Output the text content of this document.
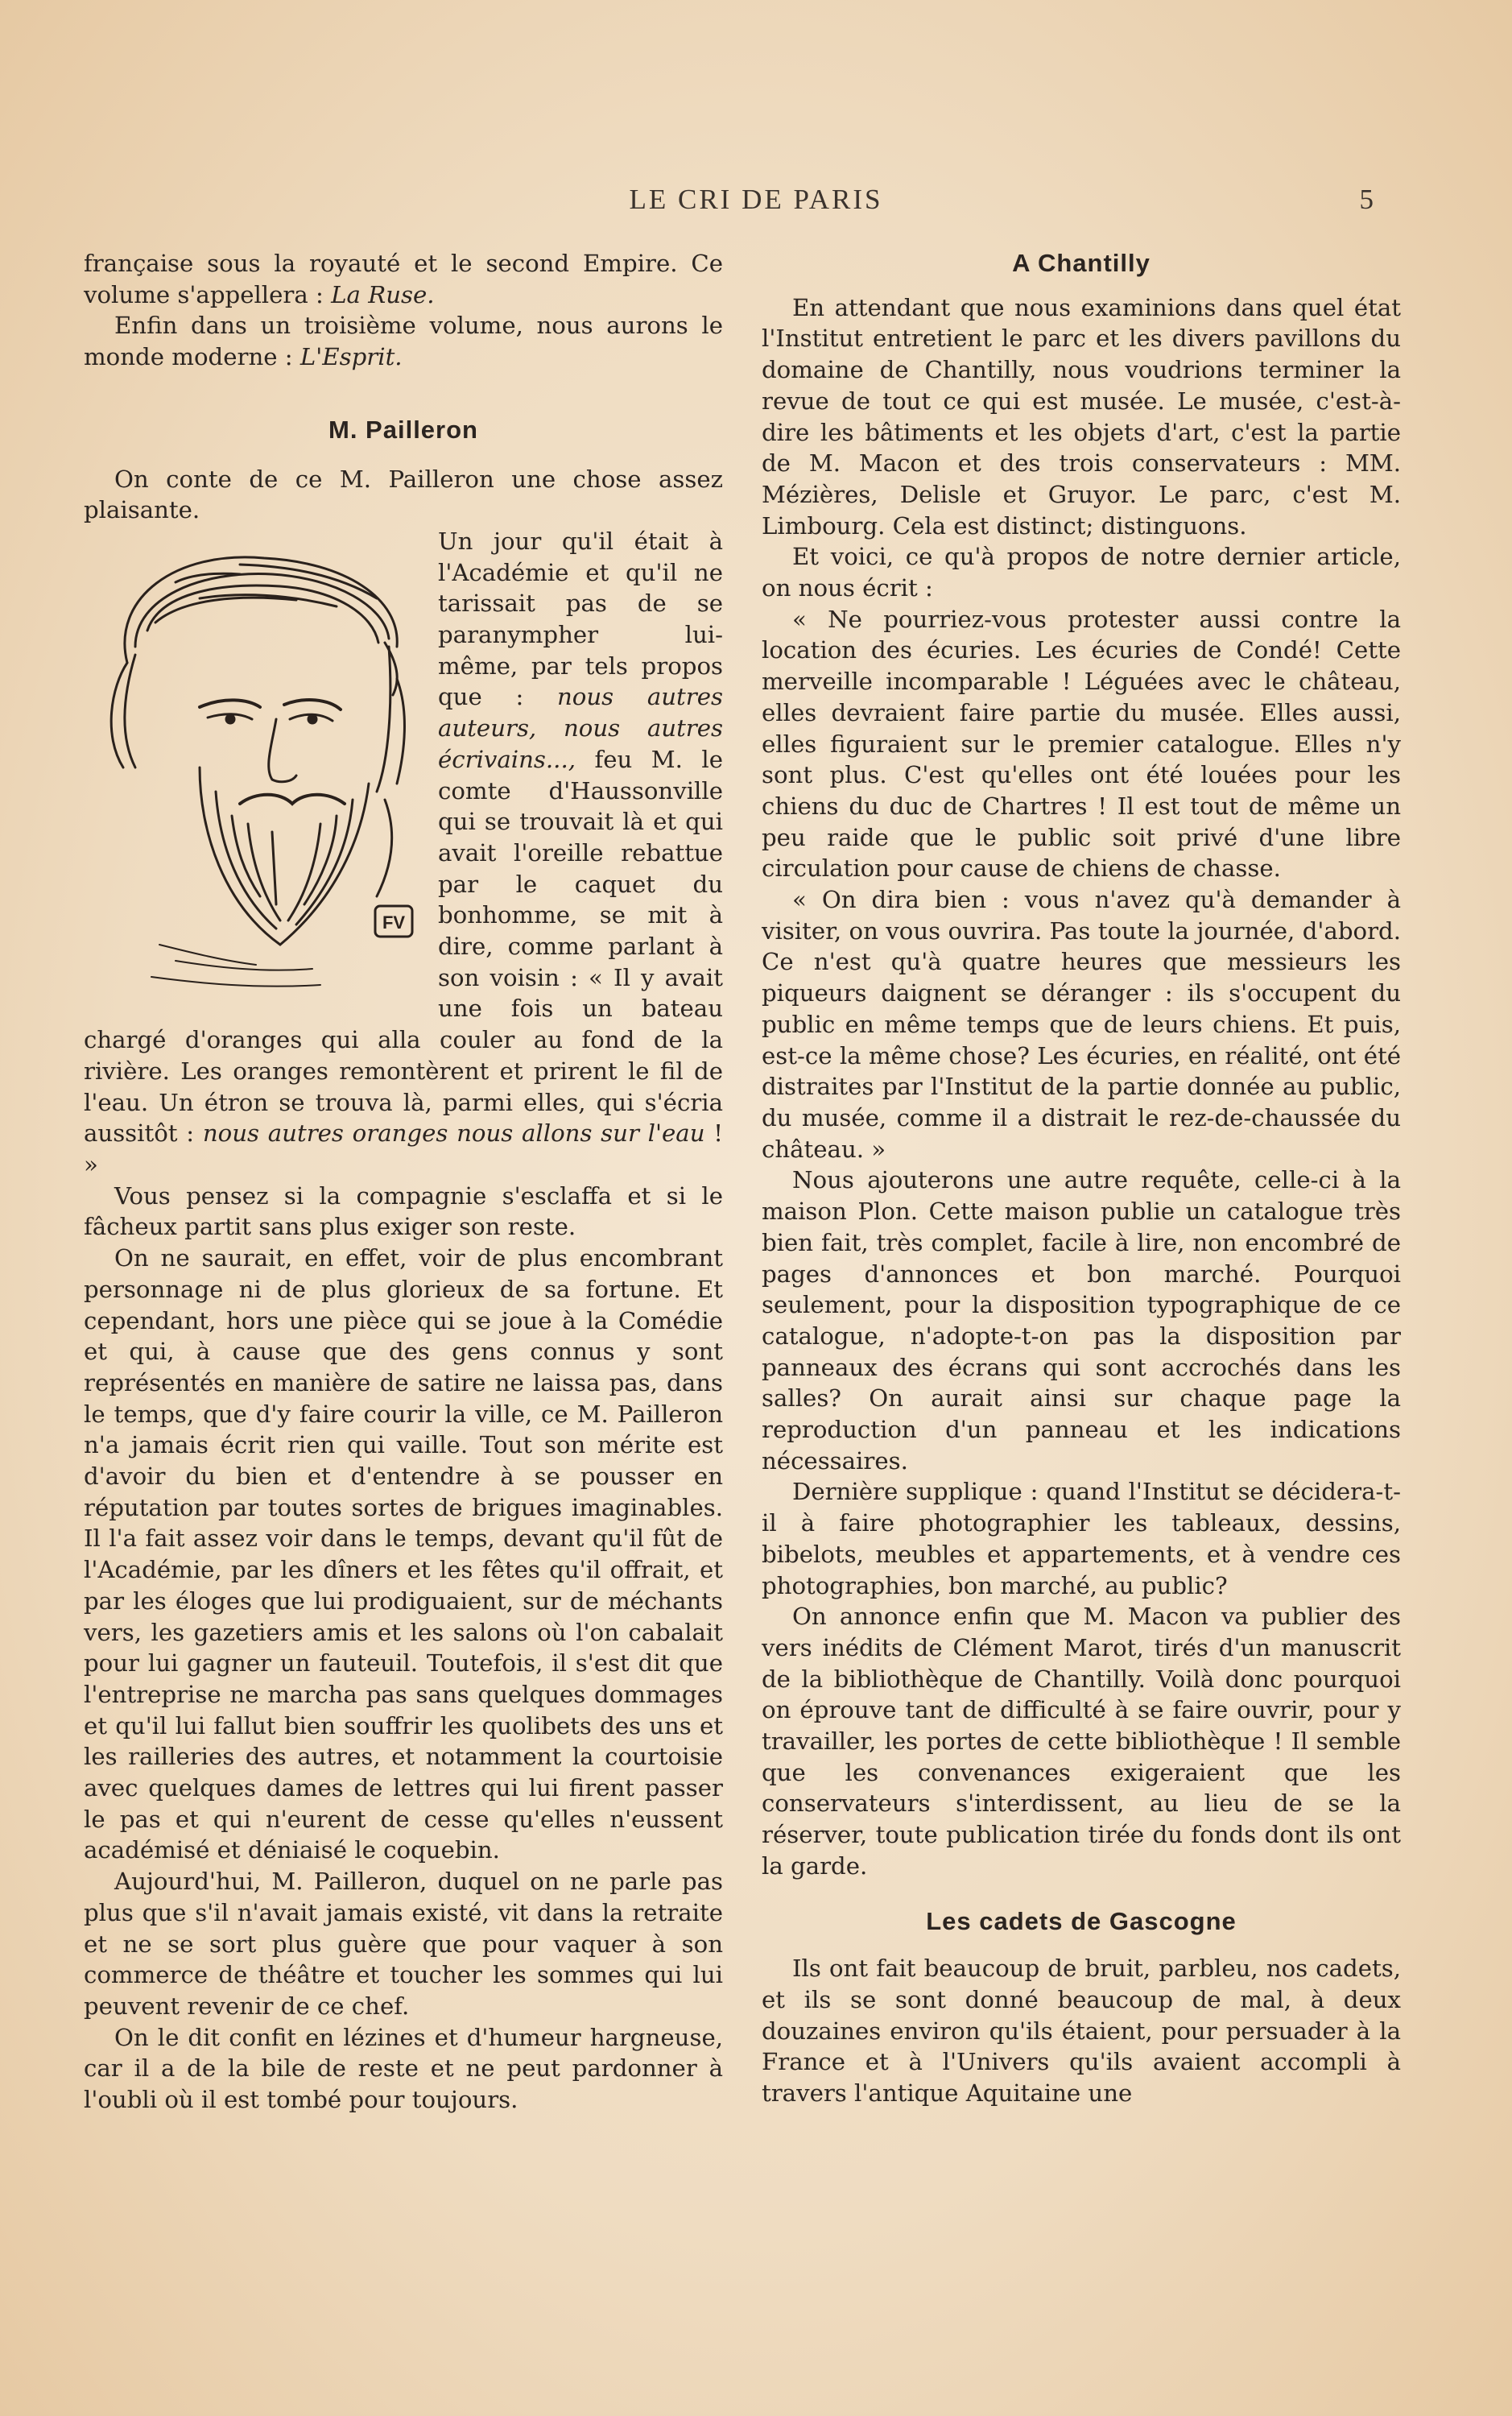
LE CRI DE PARIS	5

française sous la royauté et le second Empire. Ce volume s'appellera : La Ruse.

Enfin dans un troisième volume, nous aurons le monde moderne : L'Esprit.

M. Pailleron

On conte de ce M. Pailleron une chose assez plaisante.

FV

Un jour qu'il était à l'Académie et qu'il ne tarissait pas de se paranympher lui-même, par tels propos que : nous autres auteurs, nous autres écrivains..., feu M. le comte d'Haussonville qui se trouvait là et qui avait l'oreille rebattue par le caquet du bonhomme, se mit à dire, comme parlant à son voisin : « Il y avait une fois un bateau chargé d'oranges qui alla couler au fond de la rivière. Les oranges remontèrent et prirent le fil de l'eau. Un étron se trouva là, parmi elles, qui s'écria aussitôt : nous autres oranges nous allons sur l'eau ! »

Vous pensez si la compagnie s'esclaffa et si le fâcheux partit sans plus exiger son reste.

On ne saurait, en effet, voir de plus encombrant personnage ni de plus glorieux de sa fortune. Et cependant, hors une pièce qui se joue à la Comédie et qui, à cause que des gens connus y sont représentés en manière de satire ne laissa pas, dans le temps, que d'y faire courir la ville, ce M. Pailleron n'a jamais écrit rien qui vaille. Tout son mérite est d'avoir du bien et d'entendre à se pousser en réputation par toutes sortes de brigues imaginables. Il l'a fait assez voir dans le temps, devant qu'il fût de l'Académie, par les dîners et les fêtes qu'il offrait, et par les éloges que lui prodiguaient, sur de méchants vers, les gazetiers amis et les salons où l'on cabalait pour lui gagner un fauteuil. Toutefois, il s'est dit que l'entreprise ne marcha pas sans quelques dommages et qu'il lui fallut bien souffrir les quolibets des uns et les railleries des autres, et notamment la courtoisie avec quelques dames de lettres qui lui firent passer le pas et qui n'eurent de cesse qu'elles n'eussent académisé et déniaisé le coquebin.

Aujourd'hui, M. Pailleron, duquel on ne parle pas plus que s'il n'avait jamais existé, vit dans la retraite et ne se sort plus guère que pour vaquer à son commerce de théâtre et toucher les sommes qui lui peuvent revenir de ce chef.

On le dit confit en lézines et d'humeur hargneuse, car il a de la bile de reste et ne peut pardonner à l'oubli où il est tombé pour toujours.

A Chantilly

En attendant que nous examinions dans quel état l'Institut entretient le parc et les divers pavillons du domaine de Chantilly, nous voudrions terminer la revue de tout ce qui est musée. Le musée, c'est-à-dire les bâtiments et les objets d'art, c'est la partie de M. Macon et des trois conservateurs : MM. Mézières, Delisle et Gruyor. Le parc, c'est M. Limbourg. Cela est distinct; distinguons.

Et voici, ce qu'à propos de notre dernier article, on nous écrit :

« Ne pourriez-vous protester aussi contre la location des écuries. Les écuries de Condé! Cette merveille incomparable ! Léguées avec le château, elles devraient faire partie du musée. Elles aussi, elles figuraient sur le premier catalogue. Elles n'y sont plus. C'est qu'elles ont été louées pour les chiens du duc de Chartres ! Il est tout de même un peu raide que le public soit privé d'une libre circulation pour cause de chiens de chasse.

« On dira bien : vous n'avez qu'à demander à visiter, on vous ouvrira. Pas toute la journée, d'abord. Ce n'est qu'à quatre heures que messieurs les piqueurs daignent se déranger : ils s'occupent du public en même temps que de leurs chiens. Et puis, est-ce la même chose? Les écuries, en réalité, ont été distraites par l'Institut de la partie donnée au public, du musée, comme il a distrait le rez-de-chaussée du château. »

Nous ajouterons une autre requête, celle-ci à la maison Plon. Cette maison publie un catalogue très bien fait, très complet, facile à lire, non encombré de pages d'annonces et bon marché. Pourquoi seulement, pour la disposition typographique de ce catalogue, n'adopte-t-on pas la disposition par panneaux des écrans qui sont accrochés dans les salles? On aurait ainsi sur chaque page la reproduction d'un panneau et les indications nécessaires.

Dernière supplique : quand l'Institut se décidera-t-il à faire photographier les tableaux, dessins, bibelots, meubles et appartements, et à vendre ces photographies, bon marché, au public?

On annonce enfin que M. Macon va publier des vers inédits de Clément Marot, tirés d'un manuscrit de la bibliothèque de Chantilly. Voilà donc pourquoi on éprouve tant de difficulté à se faire ouvrir, pour y travailler, les portes de cette bibliothèque ! Il semble que les convenances exigeraient que les conservateurs s'interdissent, au lieu de se la réserver, toute publication tirée du fonds dont ils ont la garde.

Les cadets de Gascogne

Ils ont fait beaucoup de bruit, parbleu, nos cadets, et ils se sont donné beaucoup de mal, à deux douzaines environ qu'ils étaient, pour persuader à la France et à l'Univers qu'ils avaient accompli à travers l'antique Aquitaine une
